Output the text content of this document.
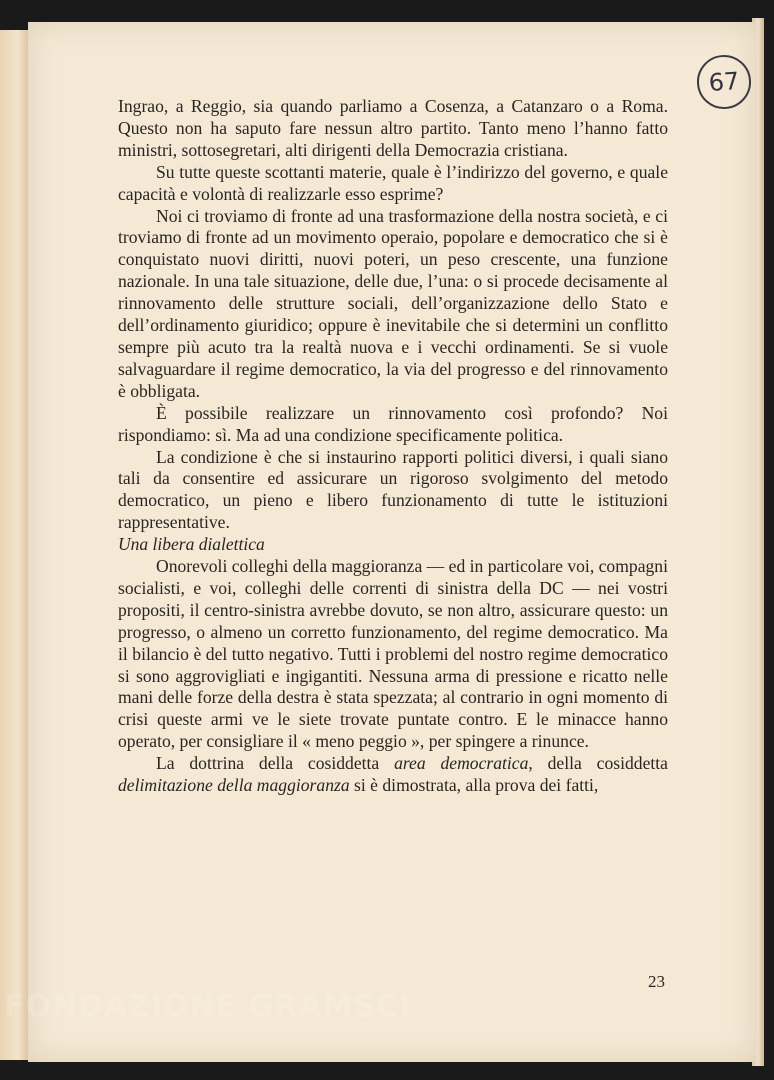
67

Ingrao, a Reggio, sia quando parliamo a Cosenza, a Catanzaro o a Roma. Questo non ha saputo fare nessun altro partito. Tanto meno l’hanno fatto ministri, sottosegretari, alti dirigenti della Democrazia cristiana.

Su tutte queste scottanti materie, quale è l’indirizzo del governo, e quale capacità e volontà di realizzarle esso esprime?

Noi ci troviamo di fronte ad una trasformazione della nostra società, e ci troviamo di fronte ad un movimento operaio, popolare e democratico che si è conquistato nuovi diritti, nuovi poteri, un peso crescente, una funzione nazionale. In una tale situazione, delle due, l’una: o si procede decisamente al rinnovamento delle strutture sociali, dell’organizzazione dello Stato e dell’ordinamento giuridico; oppure è inevitabile che si determini un conflitto sempre più acuto tra la realtà nuova e i vecchi ordinamenti. Se si vuole salvaguardare il regime democratico, la via del progresso e del rinnovamento è obbligata.

È possibile realizzare un rinnovamento così profondo? Noi rispondiamo: sì. Ma ad una condizione specificamente politica.

La condizione è che si instaurino rapporti politici diversi, i quali siano tali da consentire ed assicurare un rigoroso svolgimento del metodo democratico, un pieno e libero funzionamento di tutte le istituzioni rappresentative.

Una libera dialettica

Onorevoli colleghi della maggioranza — ed in particolare voi, compagni socialisti, e voi, colleghi delle correnti di sinistra della DC — nei vostri propositi, il centro-sinistra avrebbe dovuto, se non altro, assicurare questo: un progresso, o almeno un corretto funzionamento, del regime democratico. Ma il bilancio è del tutto negativo. Tutti i problemi del nostro regime democratico si sono aggrovigliati e ingigantiti. Nessuna arma di pressione e ricatto nelle mani delle forze della destra è stata spezzata; al contrario in ogni momento di crisi queste armi ve le siete trovate puntate contro. E le minacce hanno operato, per consigliare il « meno peggio », per spingere a rinunce.

La dottrina della cosiddetta area democratica, della cosiddetta delimitazione della maggioranza si è dimostrata, alla prova dei fatti,

23
FONDAZIONE GRAMSCI
